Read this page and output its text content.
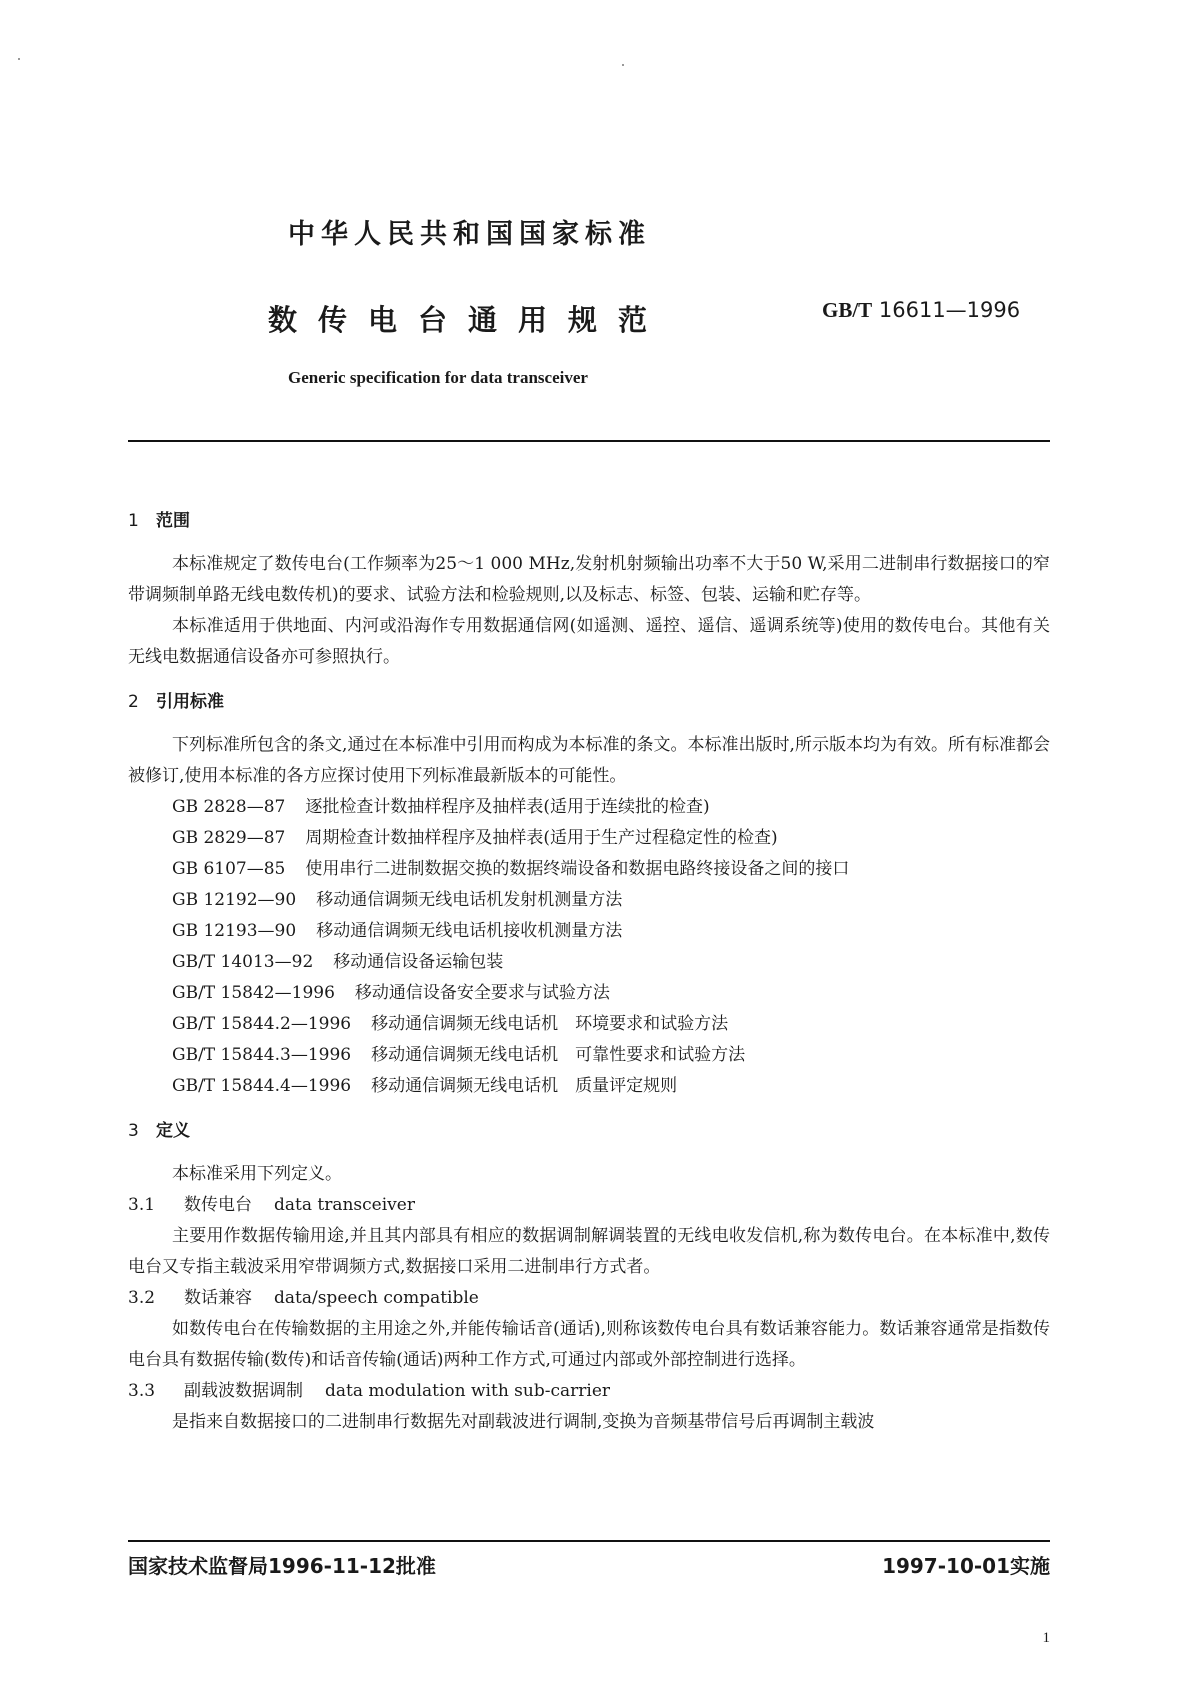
中华人民共和国国家标准
数传电台通用规范	GB/T 16611—1996
Generic specification for data transceiver

1 范围

本标准规定了数传电台(工作频率为25～1 000 MHz,发射机射频输出功率不大于50 W,采用二进制串行数据接口的窄带调频制单路无线电数传机)的要求、试验方法和检验规则,以及标志、标签、包装、运输和贮存等。

本标准适用于供地面、内河或沿海作专用数据通信网(如遥测、遥控、遥信、遥调系统等)使用的数传电台。其他有关无线电数据通信设备亦可参照执行。

2 引用标准

下列标准所包含的条文,通过在本标准中引用而构成为本标准的条文。本标准出版时,所示版本均为有效。所有标准都会被修订,使用本标准的各方应探讨使用下列标准最新版本的可能性。

GB 2828—87 逐批检查计数抽样程序及抽样表(适用于连续批的检查)
GB 2829—87 周期检查计数抽样程序及抽样表(适用于生产过程稳定性的检查)
GB 6107—85 使用串行二进制数据交换的数据终端设备和数据电路终接设备之间的接口
GB 12192—90 移动通信调频无线电话机发射机测量方法
GB 12193—90 移动通信调频无线电话机接收机测量方法
GB/T 14013—92 移动通信设备运输包装
GB/T 15842—1996 移动通信设备安全要求与试验方法
GB/T 15844.2—1996 移动通信调频无线电话机　环境要求和试验方法
GB/T 15844.3—1996 移动通信调频无线电话机　可靠性要求和试验方法
GB/T 15844.4—1996 移动通信调频无线电话机　质量评定规则

3 定义

本标准采用下列定义。

3.1 数传电台 data transceiver

主要用作数据传输用途,并且其内部具有相应的数据调制解调装置的无线电收发信机,称为数传电台。在本标准中,数传电台又专指主载波采用窄带调频方式,数据接口采用二进制串行方式者。

3.2 数话兼容 data/speech compatible

如数传电台在传输数据的主用途之外,并能传输话音(通话),则称该数传电台具有数话兼容能力。数话兼容通常是指数传电台具有数据传输(数传)和话音传输(通话)两种工作方式,可通过内部或外部控制进行选择。

3.3 副载波数据调制 data modulation with sub-carrier

是指来自数据接口的二进制串行数据先对副载波进行调制,变换为音频基带信号后再调制主载波

国家技术监督局1996-11-12批准	1997-10-01实施
1
